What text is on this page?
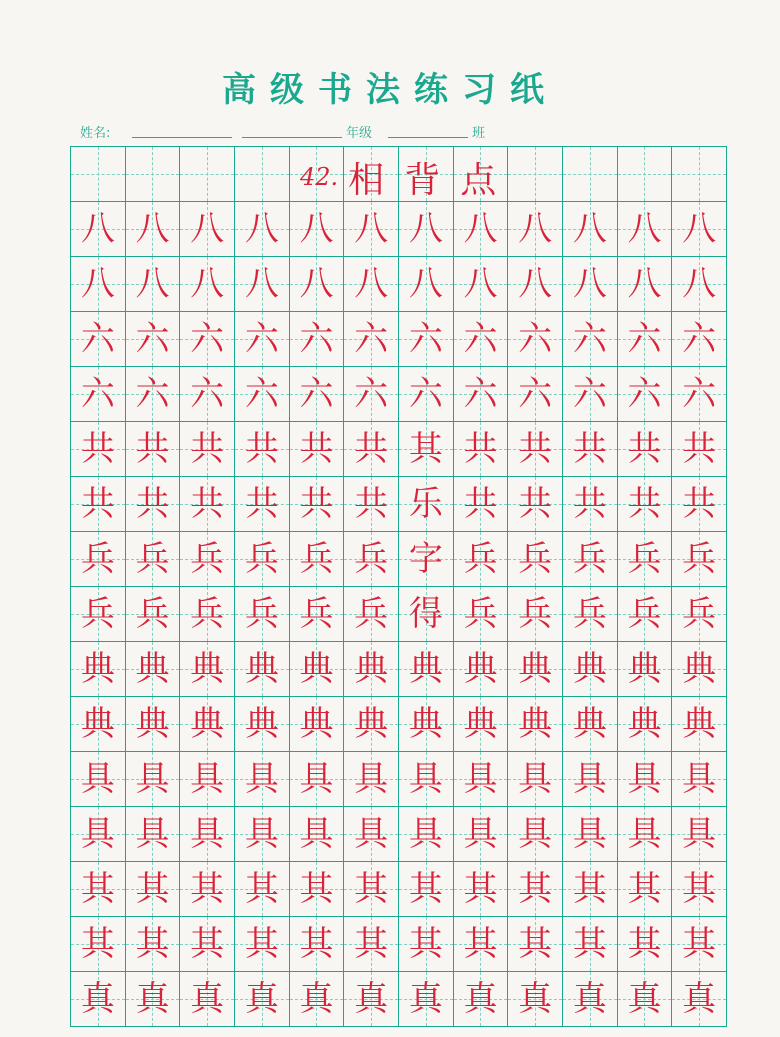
高级书法练习纸
姓名:	年级	班
八 八 八 八 八 八 八 八 八 八 八 八
八 八 八 八 八 八 八 八 八 八 八 八
六 六 六 六 六 六 六 六 六 六 六 六
六 六 六 六 六 六 六 六 六 六 六 六
共 共 共 共 共 共 其 共 共 共 共 共
共 共 共 共 共 共 乐 共 共 共 共 共
兵 兵 兵 兵 兵 兵 字 兵 兵 兵 兵 兵
兵 兵 兵 兵 兵 兵 得 兵 兵 兵 兵 兵
典 典 典 典 典 典 典 典 典 典 典 典
典 典 典 典 典 典 典 典 典 典 典 典
具 具 具 具 具 具 具 具 具 具 具 具
具 具 具 具 具 具 具 具 具 具 具 具
其 其 其 其 其 其 其 其 其 其 其 其
其 其 其 其 其 其 其 其 其 其 其 其
真 真 真 真 真 真 真 真 真 真 真 真
42. 相 背 点
